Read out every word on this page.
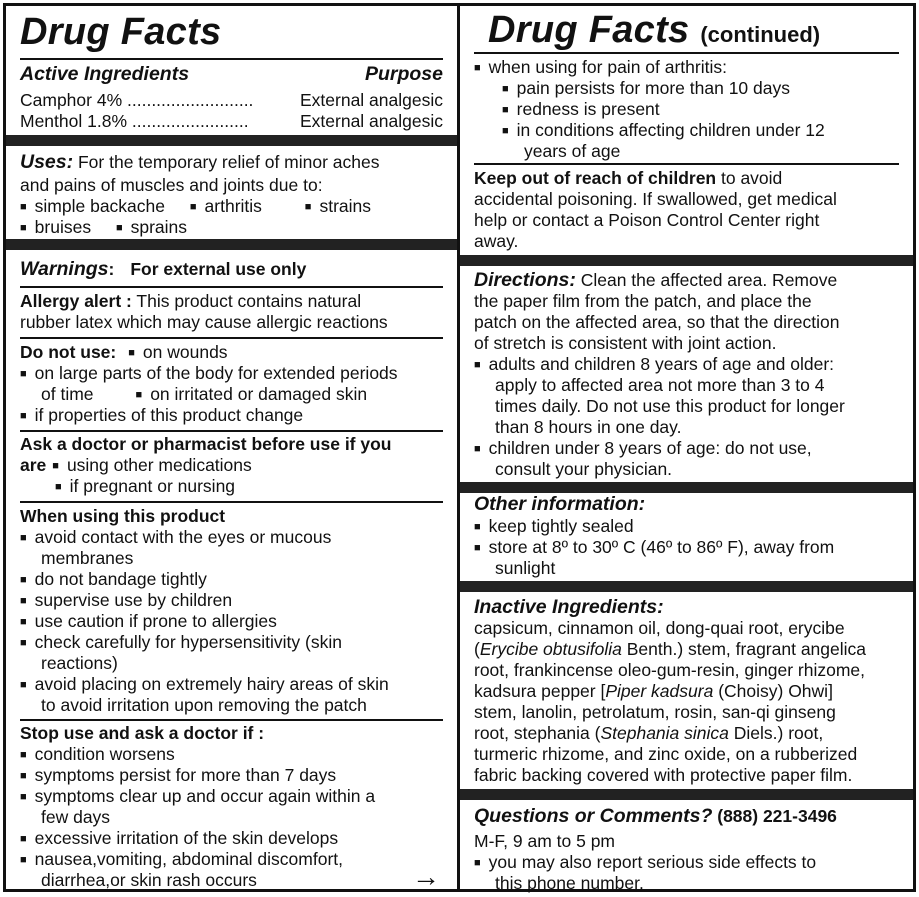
Drug Facts
Active Ingredients	Purpose
Camphor 4% ..........................	External analgesic
Menthol 1.8% ........................	External analgesic
Uses: For the temporary relief of minor aches
and pains of muscles and joints due to:
■ simple backache ■ arthritis	■ strains
■ bruises ■ sprains
Warnings: For external use only
Allergy alert : This product contains natural
rubber latex which may cause allergic reactions
Do not use: ■ on wounds
■ on large parts of the body for extended periods
of time	■ on irritated or damaged skin
■ if properties of this product change
Ask a doctor or pharmacist before use if you
are ■ using other medications
■ if pregnant or nursing
When using this product
■ avoid contact with the eyes or mucous
membranes
■ do not bandage tightly
■ supervise use by children
■ use caution if prone to allergies
■ check carefully for hypersensitivity (skin
reactions)
■ avoid placing on extremely hairy areas of skin
to avoid irritation upon removing the patch
Stop use and ask a doctor if :
■ condition worsens
■ symptoms persist for more than 7 days
■ symptoms clear up and occur again within a
few days
■ excessive irritation of the skin develops
■ nausea,vomiting, abdominal discomfort,
diarrhea,or skin rash occurs	→
Drug Facts (continued)
■ when using for pain of arthritis:
■ pain persists for more than 10 days
■ redness is present
■ in conditions affecting children under 12
years of age
Keep out of reach of children to avoid
accidental poisoning. If swallowed, get medical
help or contact a Poison Control Center right
away.
Directions: Clean the affected area. Remove
the paper film from the patch, and place the
patch on the affected area, so that the direction
of stretch is consistent with joint action.
■ adults and children 8 years of age and older:
apply to affected area not more than 3 to 4
times daily. Do not use this product for longer
than 8 hours in one day.
■ children under 8 years of age: do not use,
consult your physician.
Other information:
■ keep tightly sealed
■ store at 8º to 30º C (46º to 86º F), away from
sunlight
Inactive Ingredients:
capsicum, cinnamon oil, dong-quai root, erycibe
(Erycibe obtusifolia Benth.) stem, fragrant angelica
root, frankincense oleo-gum-resin, ginger rhizome,
kadsura pepper [Piper kadsura (Choisy) Ohwi]
stem, lanolin, petrolatum, rosin, san-qi ginseng
root, stephania (Stephania sinica Diels.) root,
turmeric rhizome, and zinc oxide, on a rubberized
fabric backing covered with protective paper film.
Questions or Comments? (888) 221-3496
M-F, 9 am to 5 pm
■ you may also report serious side effects to
this phone number.
